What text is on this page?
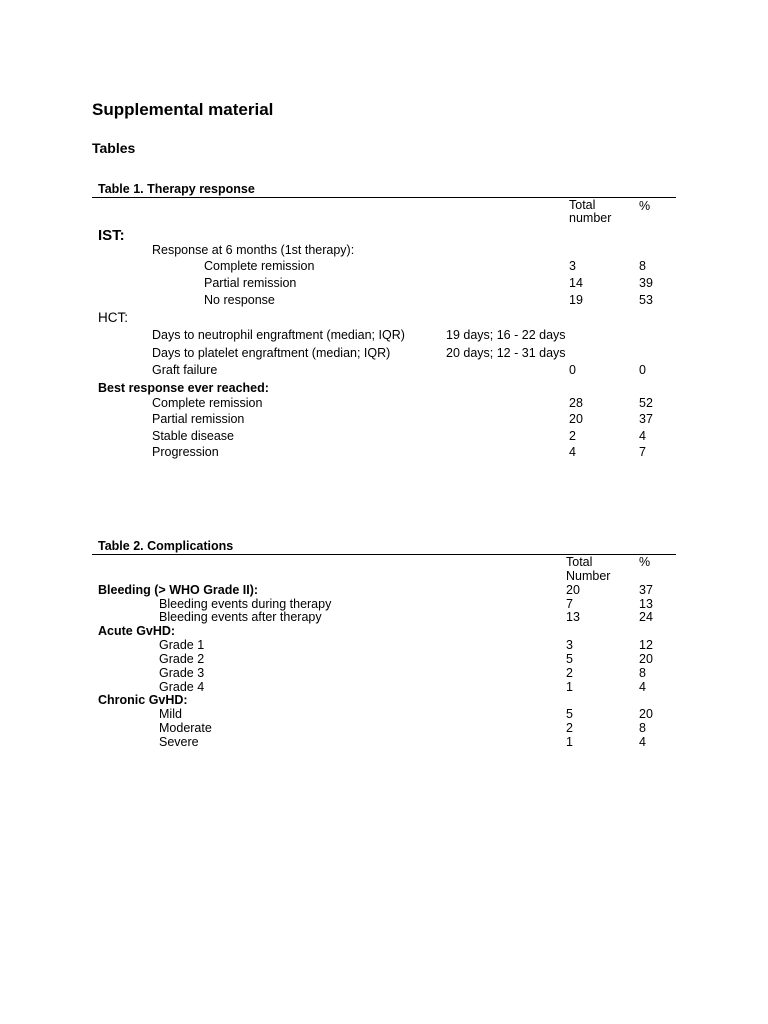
Supplemental material
Tables
Table 1. Therapy response
Total
number
%
IST:
Response at 6 months (1st therapy):
Complete remission	3	8
Partial remission	14	39
No response	19	53
HCT:
Days to neutrophil engraftment (median; IQR)	19 days; 16 - 22 days
Days to platelet engraftment (median; IQR)	20 days; 12 - 31 days
Graft failure	0	0
Best response ever reached:
Complete remission	28	52
Partial remission	20	37
Stable disease	2	4
Progression	4	7
Table 2. Complications
Total
Number
%
Bleeding (> WHO Grade II):	20	37
Bleeding events during therapy	7	13
Bleeding events after therapy	13	24
Acute GvHD:
Grade 1	3	12
Grade 2	5	20
Grade 3	2	8
Grade 4	1	4
Chronic GvHD:
Mild	5	20
Moderate	2	8
Severe	1	4
